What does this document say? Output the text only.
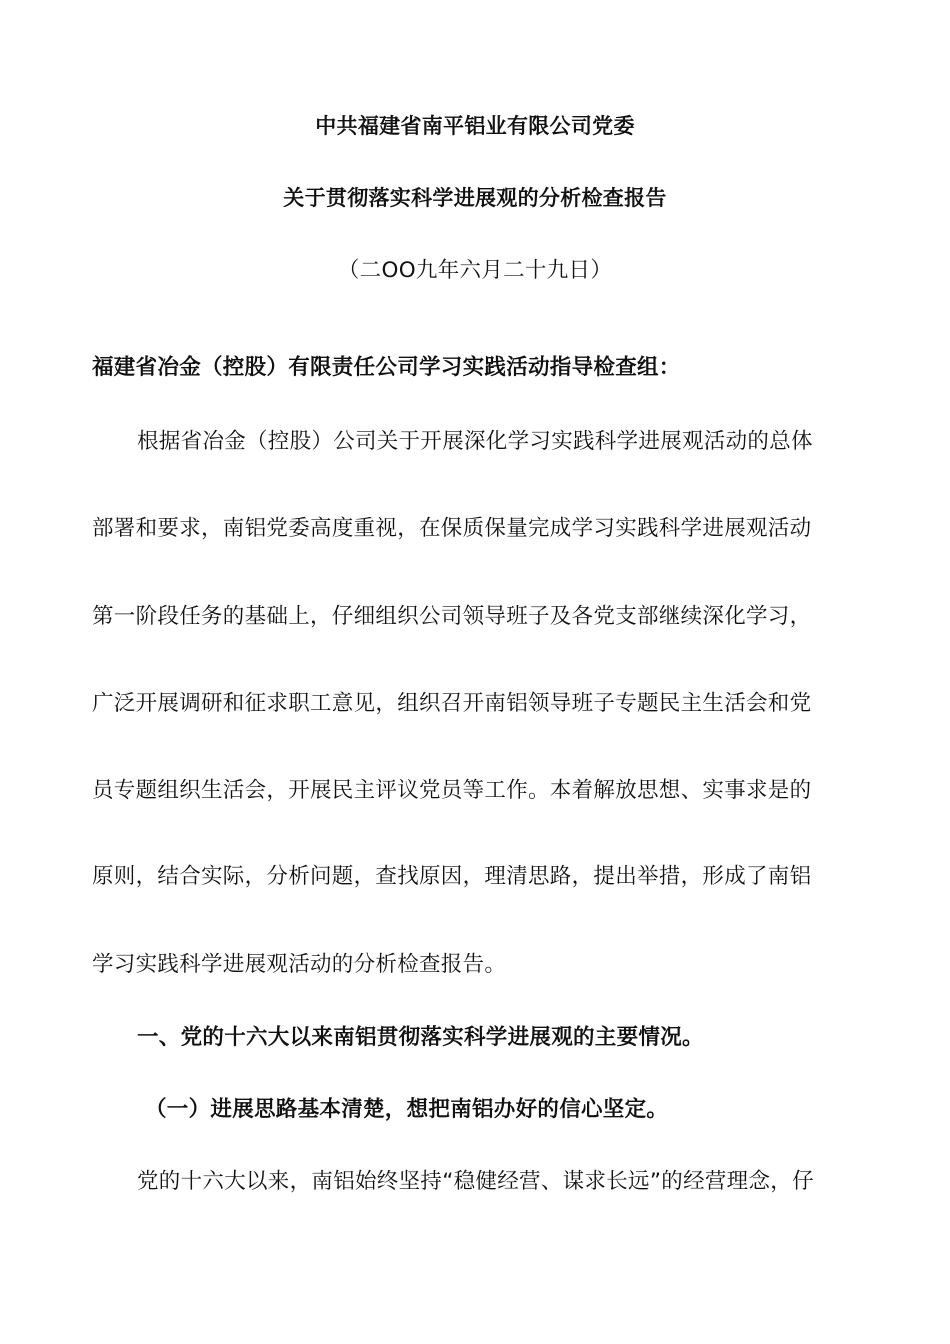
中共福建省南平铝业有限公司党委
关于贯彻落实科学进展观的分析检查报告
（二OO九年六月二十九日）
福建省冶金（控股）有限责任公司学习实践活动指导检查组：
根据省冶金（控股）公司关于开展深化学习实践科学进展观活动的总体
部署和要求，南铝党委高度重视，在保质保量完成学习实践科学进展观活动
第一阶段任务的基础上，仔细组织公司领导班子及各党支部继续深化学习，
广泛开展调研和征求职工意见，组织召开南铝领导班子专题民主生活会和党
员专题组织生活会，开展民主评议党员等工作。本着解放思想、实事求是的
原则，结合实际，分析问题，查找原因，理清思路，提出举措，形成了南铝
学习实践科学进展观活动的分析检查报告。
一、党的十六大以来南铝贯彻落实科学进展观的主要情况。
（一）进展思路基本清楚，想把南铝办好的信心坚定。
党的十六大以来，南铝始终坚持“稳健经营、谋求长远”的经营理念，仔
